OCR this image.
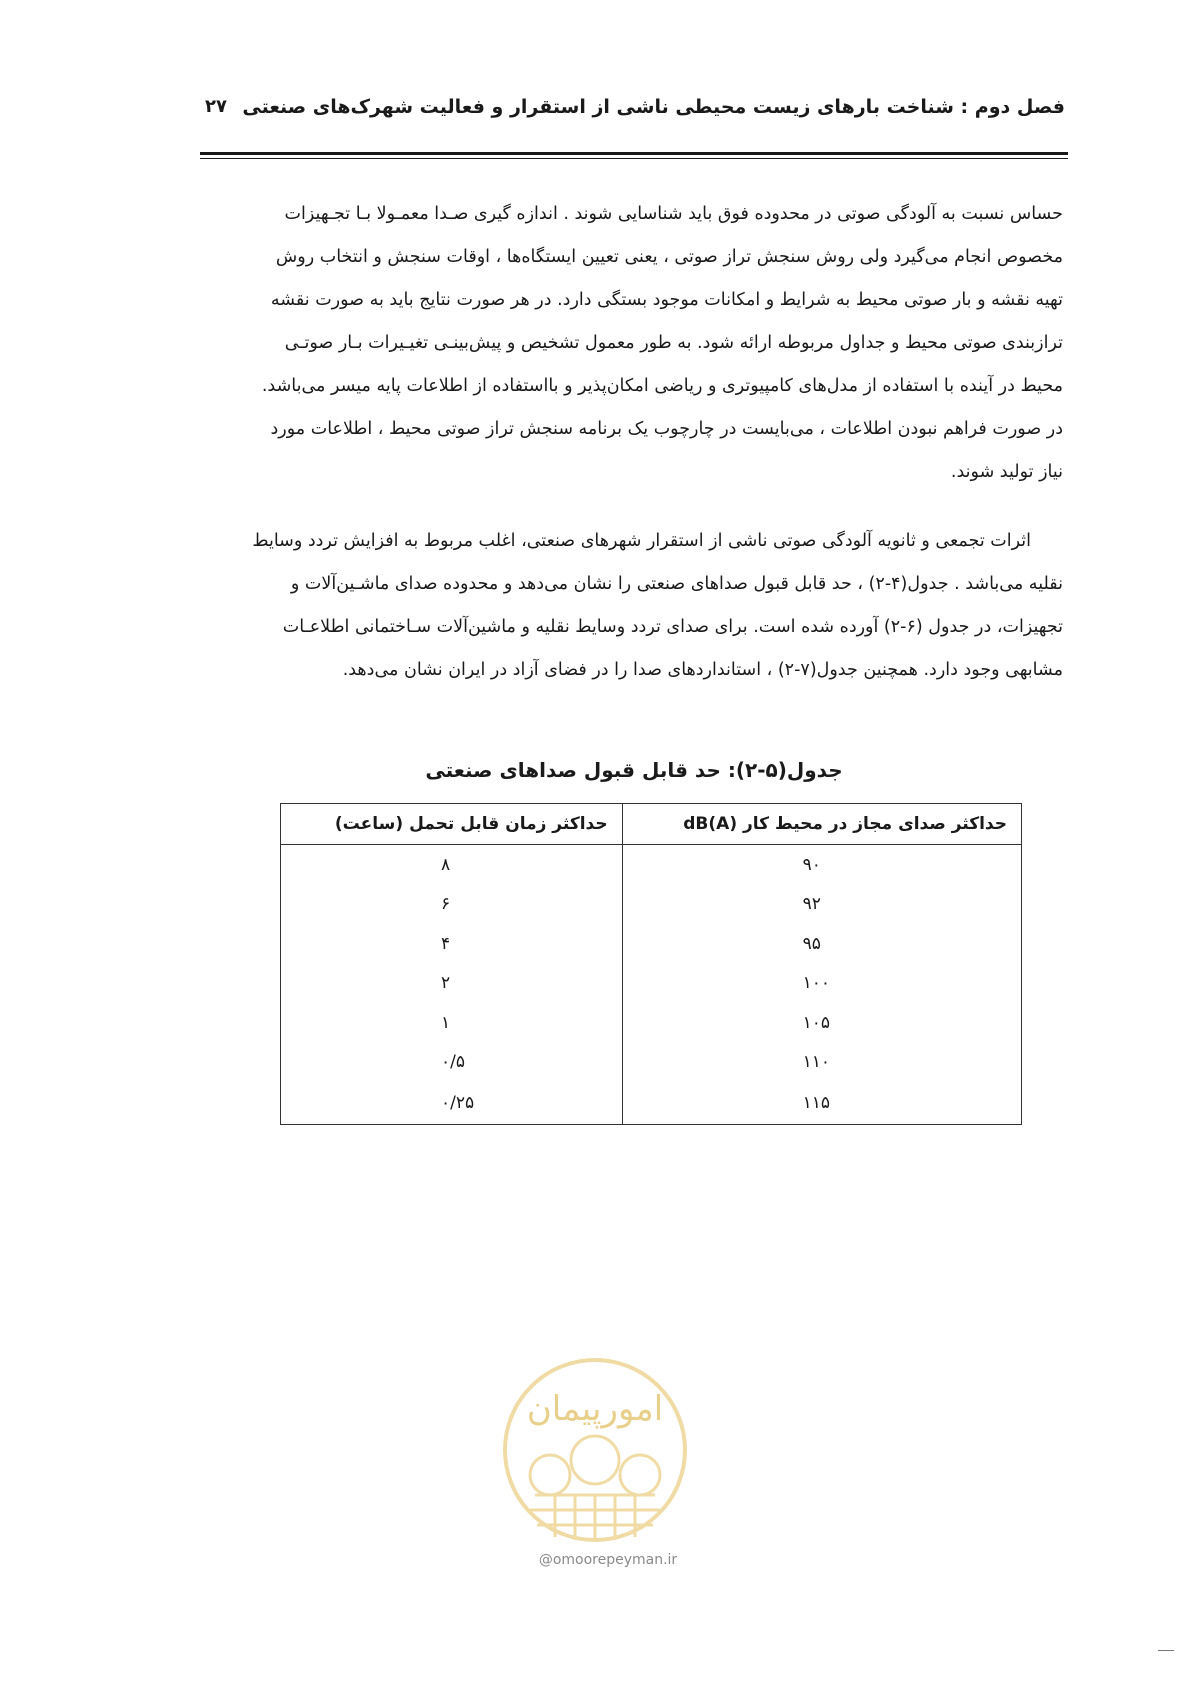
فصل دوم : شناخت بارهای زیست محیطی ناشی از استقرار و فعالیت شهرک‌های صنعتی
۲۷
حساس نسبت به آلودگی صوتی در محدوده فوق باید شناسایی شوند . اندازه گیری صـدا معمـولا بـا تجـهیزات
مخصوص انجام می‌گیرد ولی روش سنجش تراز صوتی ، یعنی تعیین ایستگاه‌ها ، اوقات سنجش و انتخاب روش
تهیه نقشه و بار صوتی محیط به شرایط و امکانات موجود بستگی دارد. در هر صورت نتایج باید به صورت نقشه
ترازبندی صوتی محیط و جداول مربوطه ارائه شود. به طور معمول تشخیص و پیش‌بینـی تغیـیرات بـار صوتـی
محیط در آینده با استفاده از مدل‌های کامپیوتری و ریاضی امکان‌پذیر و بااستفاده از اطلاعات پایه میسر می‌باشد.
در صورت فراهم نبودن اطلاعات ، می‌بایست در چارچوب یک برنامه سنجش تراز صوتی محیط ، اطلاعات مورد
نیاز تولید شوند.
اثرات تجمعی و ثانویه آلودگی صوتی ناشی از استقرار شهرهای صنعتی، اغلب مربوط به افزایش تردد وسایط
نقلیه می‌باشد . جدول(۴-۲) ، حد قابل قبول صداهای صنعتی را نشان می‌دهد و محدوده صدای ماشـین‌آلات و
تجهیزات، در جدول (۶-۲) آورده شده است. برای صدای تردد وسایط نقلیه و ماشین‌آلات سـاختمانی اطلاعـات
مشابهی وجود دارد. همچنین جدول(۷-۲) ، استانداردهای صدا را در فضای آزاد در ایران نشان می‌دهد.
جدول(۵-۲): حد قابل قبول صداهای صنعتی
حداکثر صدای مجاز در محیط کار dB(A)	حداکثر زمان قابل تحمل (ساعت)
۹۰	۸
۹۲	۶
۹۵	۴
۱۰۰	۲
۱۰۵	۱
۱۱۰	۰/۵
۱۱۵	۰/۲۵
امورپیمان
@omoorepeyman.ir
